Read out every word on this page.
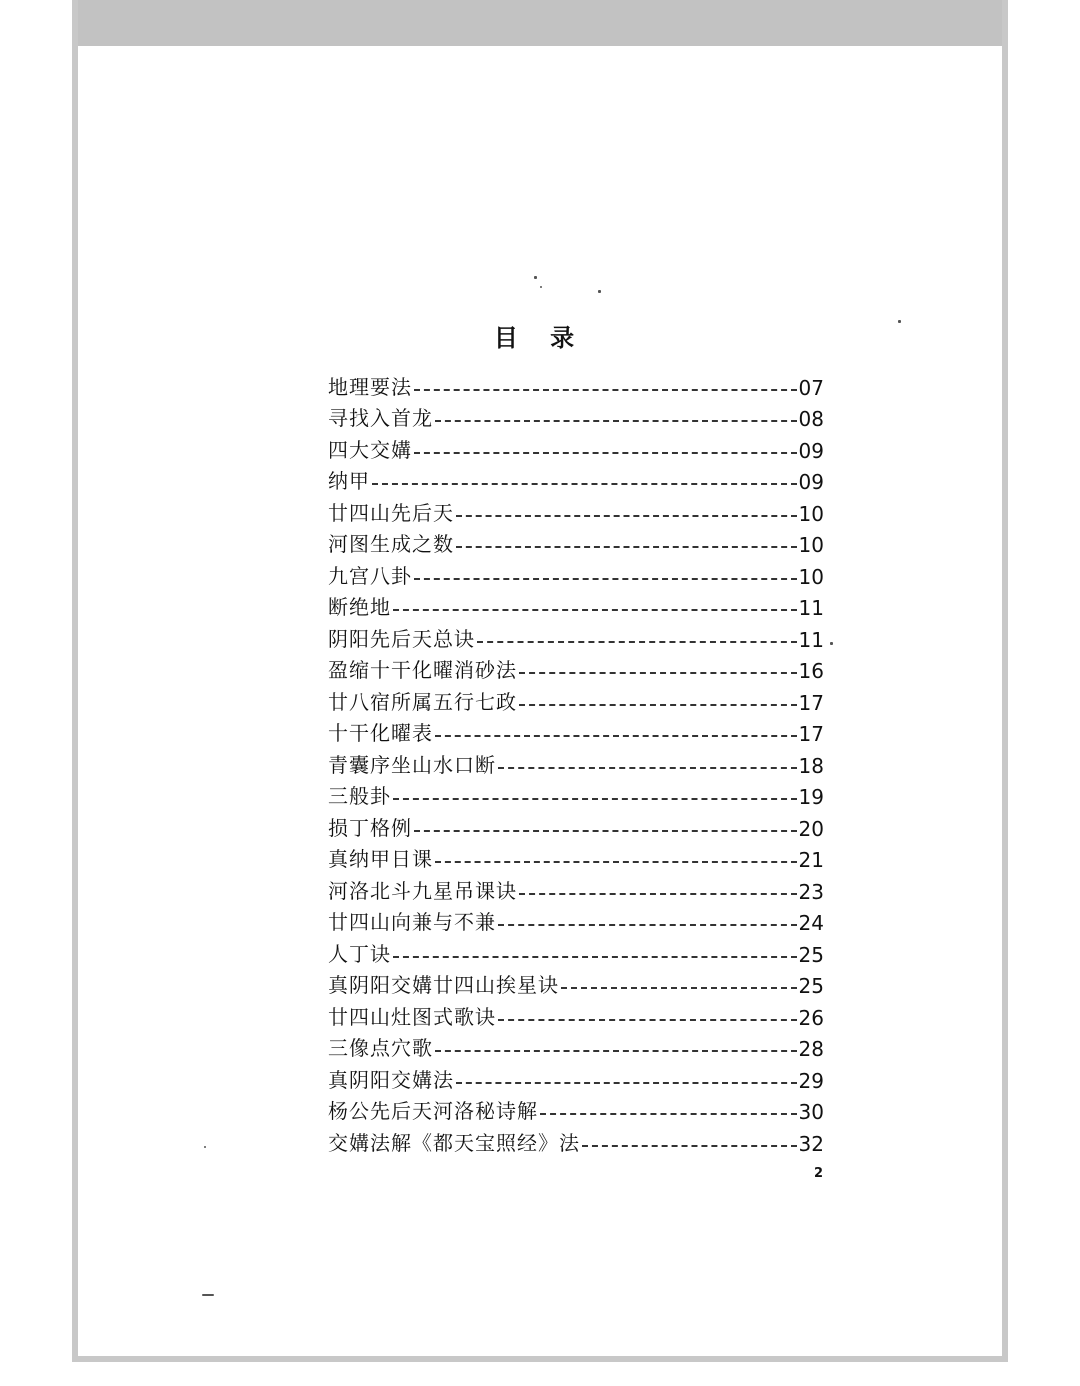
目 录
地理要法	07
寻找入首龙	08
四大交媾	09
纳甲	09
廿四山先后天	10
河图生成之数	10
九宫八卦	10
断绝地	11
阴阳先后天总诀	11
盈缩十干化曜消砂法	16
廿八宿所属五行七政	17
十干化曜表	17
青囊序坐山水口断	18
三般卦	19
损丁格例	20
真纳甲日课	21
河洛北斗九星吊课诀	23
廿四山向兼与不兼	24
人丁诀	25
真阴阳交媾廿四山挨星诀	25
廿四山灶图式歌诀	26
三像点穴歌	28
真阴阳交媾法	29
杨公先后天河洛秘诗解	30
交媾法解《都天宝照经》法	32
2
